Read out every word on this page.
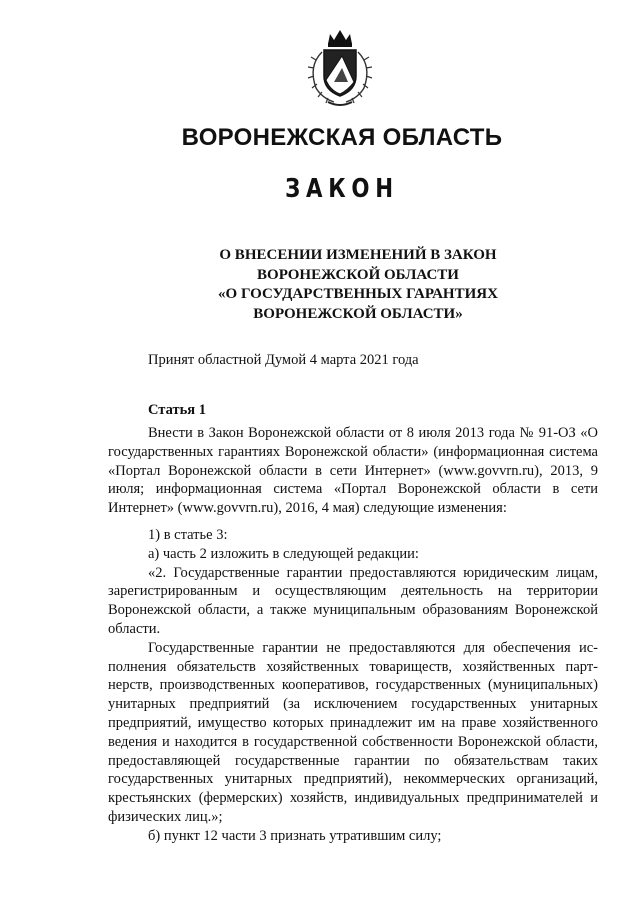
ВОРОНЕЖСКАЯ ОБЛАСТЬ
ЗАКОН
О ВНЕСЕНИИ ИЗМЕНЕНИЙ В ЗАКОН
ВОРОНЕЖСКОЙ ОБЛАСТИ
«О ГОСУДАРСТВЕННЫХ ГАРАНТИЯХ
ВОРОНЕЖСКОЙ ОБЛАСТИ»
Принят областной Думой 4 марта 2021 года
Статья 1

Внести в Закон Воронежской области от 8 июля 2013 года № 91-ОЗ «О государственных гарантиях Воронежской области» (информационная система «Портал Воронежской области в сети Интернет» (www.govvrn.ru), 2013, 9 июля; информационная система «Портал Воронежской области в сети Интернет» (www.govvrn.ru), 2016, 4 мая) следующие изменения:

1) в статье 3:

а) часть 2 изложить в следующей редакции:

«2. Государственные гарантии предоставляются юридическим лицам, зарегистрированным и осуществляющим деятельность на территории Воронежской области, а также муниципальным образованиям Воронежской области.

Государственные гарантии не предоставляются для обеспечения исполнения обязательств хозяйственных товариществ, хозяйственных партнерств, производственных кооперативов, государственных (муниципальных) унитарных предприятий (за исключением государственных унитарных предприятий, имущество которых принадлежит им на праве хозяйственного ведения и находится в государственной собственности Воронежской области, предоставляющей государственные гарантии по обязательствам таких государственных унитарных предприятий), некоммерческих организаций, крестьянских (фермерских) хозяйств, индивидуальных предпринимателей и физических лиц.»;

б) пункт 12 части 3 признать утратившим силу;
